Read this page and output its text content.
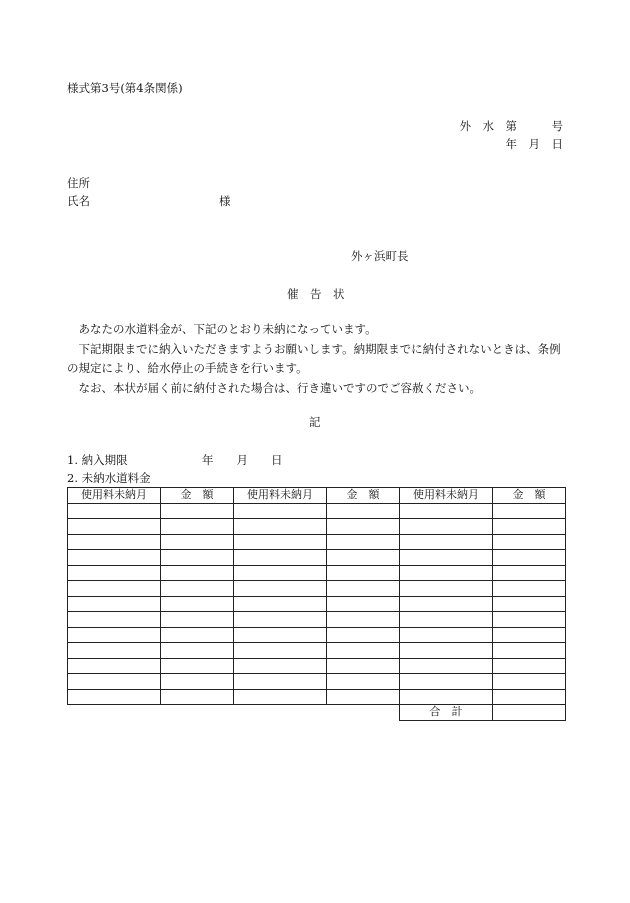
様式第3号(第4条関係)
外　水　第　　　号
年　月　日
住所
氏名	様
外ヶ浜町長
催　告　状

あなたの水道料金が、下記のとおり未納になっています。

下記期限までに納入いただきますようお願いします。納期限までに納付されないときは、条例の規定により、給水停止の手続きを行います。

なお、本状が届く前に納付された場合は、行き違いですのでご容赦ください。

記
1. 納入期限	年　　月　　日
2. 未納水道料金
使用料未納月	金　額	使用料未納月	金　額	使用料未納月	金　額

				合　計	
